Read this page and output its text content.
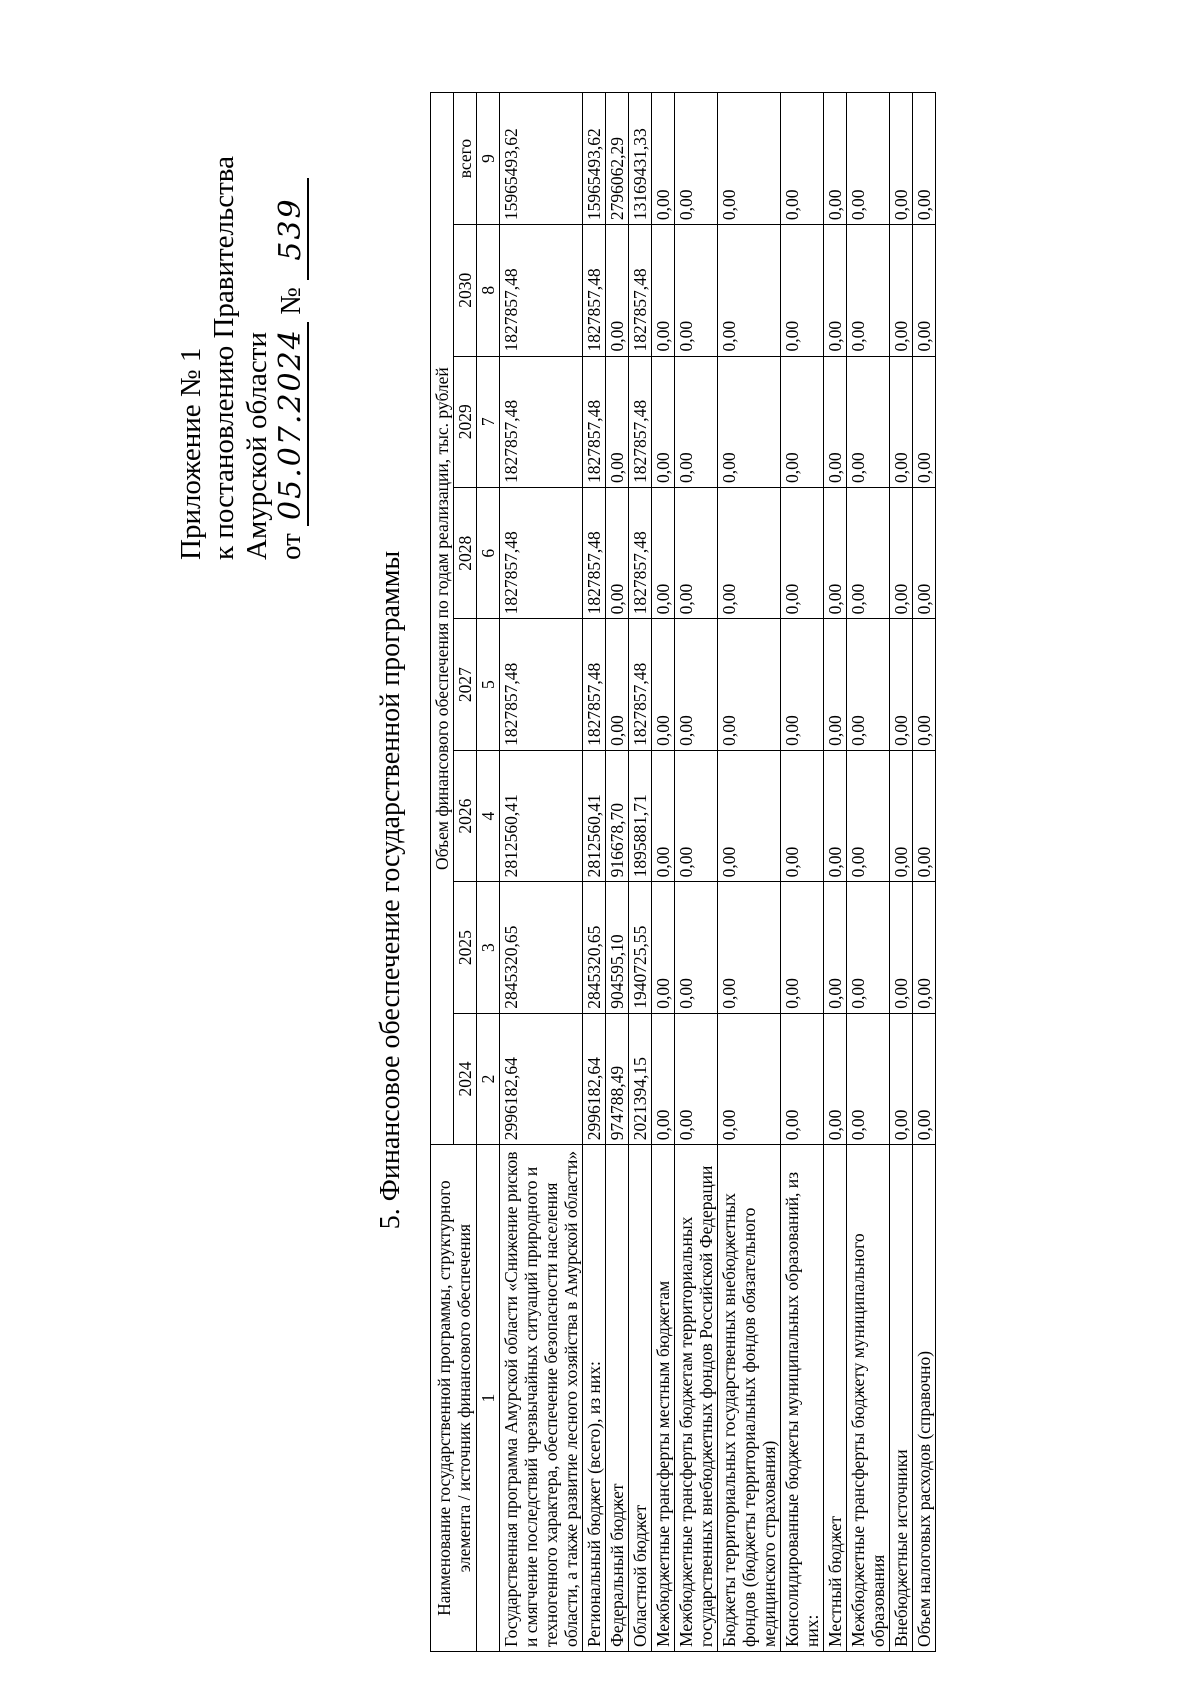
Приложение № 1 к постановлению Правительства Амурской области от 05.07.2024 № 539
5. Финансовое обеспечение государственной программы
Наименование государственной программы, структурного элемента / источник финансового обеспечения	Объем финансового обеспечения по годам реализации, тыс. рублей							
	2024	2025	2026	2027	2028	2029	2030	всего
1	2	3	4	5	6	7	8	9
Государственная программа Амурской области «Снижение рисков и смягчение последствий чрезвычайных ситуаций природного и техногенного характера, обеспечение безопасности населения области, а также развитие лесного хозяйства в Амурской области»	2996182,64	2845320,65	2812560,41	1827857,48	1827857,48	1827857,48	1827857,48	15965493,62
Региональный бюджет (всего), из них:	2996182,64	2845320,65	2812560,41	1827857,48	1827857,48	1827857,48	1827857,48	15965493,62
Федеральный бюджет	974788,49	904595,10	916678,70	0,00	0,00	0,00	0,00	2796062,29
Областной бюджет	2021394,15	1940725,55	1895881,71	1827857,48	1827857,48	1827857,48	1827857,48	13169431,33
Межбюджетные трансферты местным бюджетам	0,00	0,00	0,00	0,00	0,00	0,00	0,00	0,00
Межбюджетные трансферты бюджетам территориальных государственных внебюджетных фондов Российской Федерации	0,00	0,00	0,00	0,00	0,00	0,00	0,00	0,00
Бюджеты территориальных государственных внебюджетных фондов (бюджеты территориальных фондов обязательного медицинского страхования)	0,00	0,00	0,00	0,00	0,00	0,00	0,00	0,00
Консолидированные бюджеты муниципальных образований, из них:	0,00	0,00	0,00	0,00	0,00	0,00	0,00	0,00
Местный бюджет	0,00	0,00	0,00	0,00	0,00	0,00	0,00	0,00
Межбюджетные трансферты бюджету муниципального образования	0,00	0,00	0,00	0,00	0,00	0,00	0,00	0,00
Внебюджетные источники	0,00	0,00	0,00	0,00	0,00	0,00	0,00	0,00
Объем налоговых расходов (справочно)	0,00	0,00	0,00	0,00	0,00	0,00	0,00	0,00
